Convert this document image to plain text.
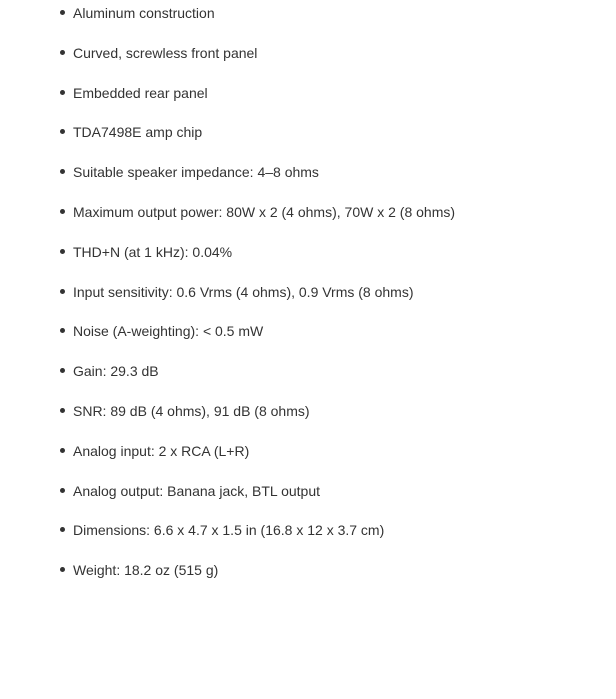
Aluminum construction
Curved, screwless front panel
Embedded rear panel
TDA7498E amp chip
Suitable speaker impedance: 4–8 ohms
Maximum output power: 80W x 2 (4 ohms), 70W x 2 (8 ohms)
THD+N (at 1 kHz): 0.04%
Input sensitivity: 0.6 Vrms (4 ohms), 0.9 Vrms (8 ohms)
Noise (A-weighting): < 0.5 mW
Gain: 29.3 dB
SNR: 89 dB (4 ohms), 91 dB (8 ohms)
Analog input: 2 x RCA (L+R)
Analog output: Banana jack, BTL output
Dimensions: 6.6 x 4.7 x 1.5 in (16.8 x 12 x 3.7 cm)
Weight: 18.2 oz (515 g)
